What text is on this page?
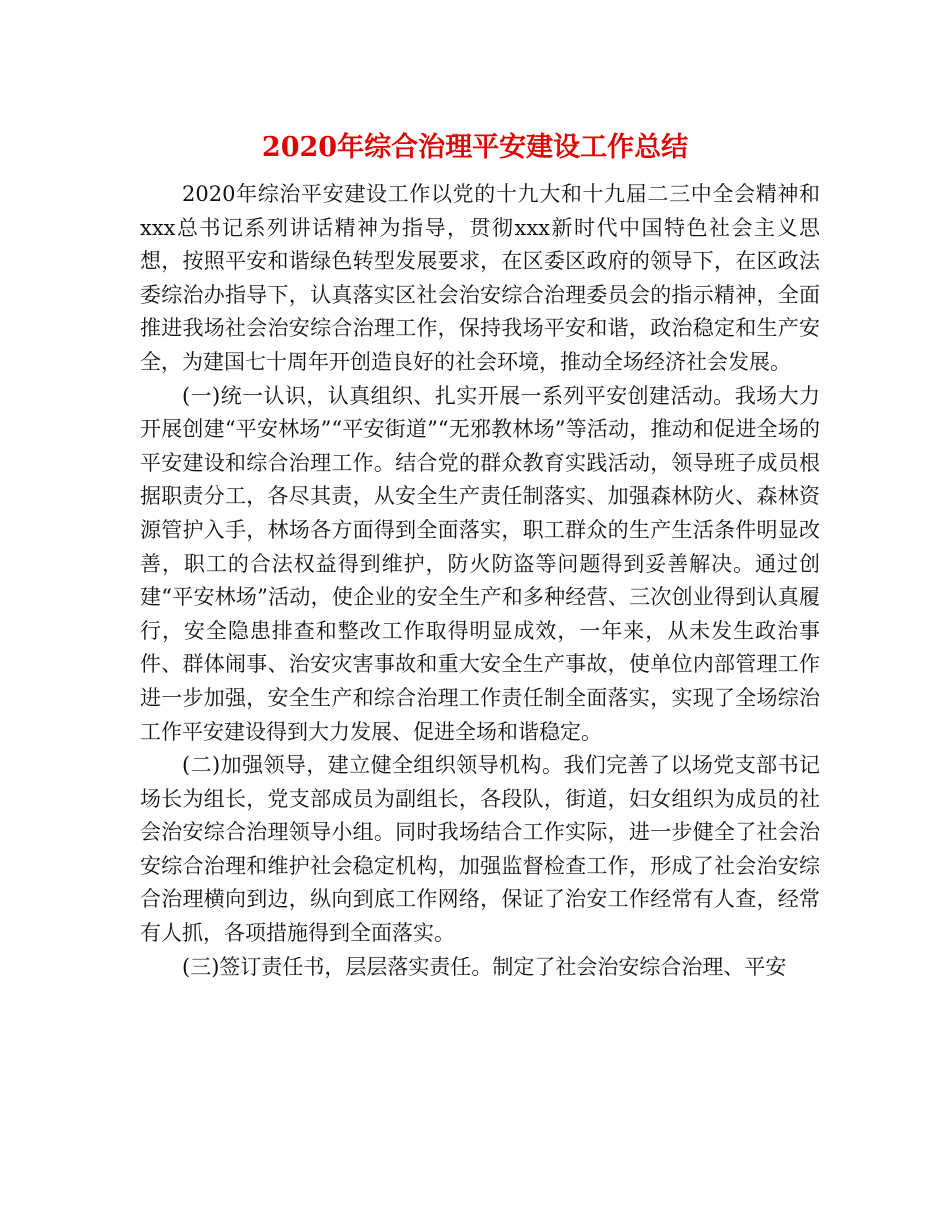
2020年综合治理平安建设工作总结

2020年综治平安建设工作以党的十九大和十九届二三中全会精神和xxx总书记系列讲话精神为指导，贯彻xxx新时代中国特色社会主义思想，按照平安和谐绿色转型发展要求，在区委区政府的领导下，在区政法委综治办指导下，认真落实区社会治安综合治理委员会的指示精神，全面推进我场社会治安综合治理工作，保持我场平安和谐，政治稳定和生产安全，为建国七十周年开创造良好的社会环境，推动全场经济社会发展。

(一)统一认识，认真组织、扎实开展一系列平安创建活动。我场大力开展创建“平安林场”“平安街道”“无邪教林场”等活动，推动和促进全场的平安建设和综合治理工作。结合党的群众教育实践活动，领导班子成员根据职责分工，各尽其责，从安全生产责任制落实、加强森林防火、森林资源管护入手，林场各方面得到全面落实，职工群众的生产生活条件明显改善，职工的合法权益得到维护，防火防盗等问题得到妥善解决。通过创建“平安林场”活动，使企业的安全生产和多种经营、三次创业得到认真履行，安全隐患排查和整改工作取得明显成效，一年来，从未发生政治事件、群体闹事、治安灾害事故和重大安全生产事故，使单位内部管理工作进一步加强，安全生产和综合治理工作责任制全面落实，实现了全场综治工作平安建设得到大力发展、促进全场和谐稳定。

(二)加强领导，建立健全组织领导机构。我们完善了以场党支部书记场长为组长，党支部成员为副组长，各段队，街道，妇女组织为成员的社会治安综合治理领导小组。同时我场结合工作实际，进一步健全了社会治安综合治理和维护社会稳定机构，加强监督检查工作，形成了社会治安综合治理横向到边，纵向到底工作网络，保证了治安工作经常有人查，经常有人抓，各项措施得到全面落实。

(三)签订责任书，层层落实责任。制定了社会治安综合治理、平安
